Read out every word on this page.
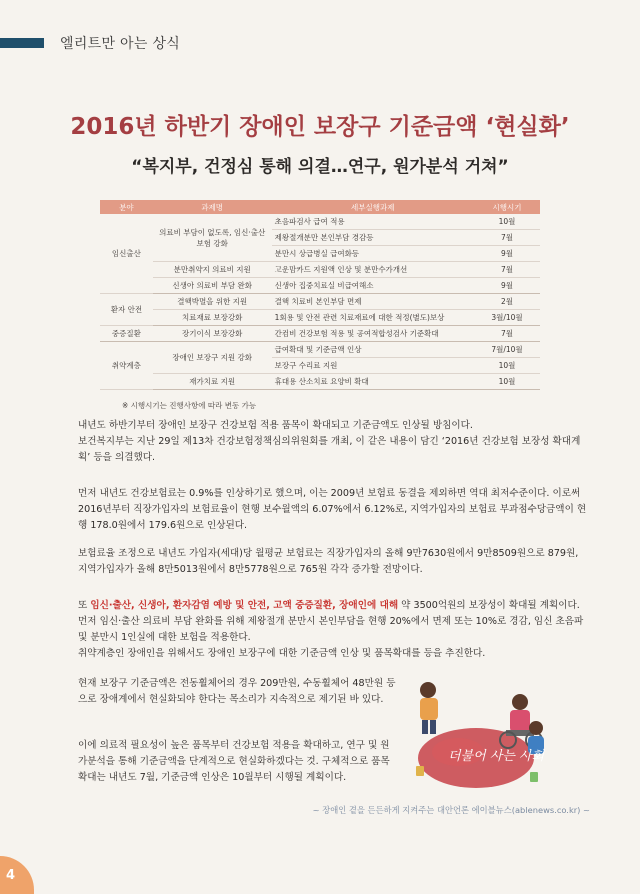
엘리트만 아는 상식
2016년 하반기 장애인 보장구 기준금액 ‘현실화’
“복지부, 건정심 통해 의결…연구, 원가분석 거쳐”
분야	과제명	세부실행과제	시행시기
임신출산	의료비 부담이 없도록, 임신·출산 보험 강화	초음파검사 급여 적용	10월
		제왕절개분만 본인부담 경감등	7월
		분만시 상급병실 급여화등	9월
	분만취약지 의료비 지원	고운맘카드 지원액 인상 및 분만수가개선	7월
	신생아 의료비 부담 완화	신생아 집중치료실 비급여해소	9월
환자 안전	결핵박멸을 위한 지원	결핵 치료비 본인부담 면제	2월
	치료재료 보장강화	1회용 및 안전 관련 치료재료에 대한 적정(별도)보상	3월/10월
중증질환	장기이식 보장강화	간컴비 건강보험 적용 및 공여적합성검사 기준확대	7월
취약계층	장애인 보장구 지원 강화	급여확대 및 기준금액 인상	7월/10월
		보장구 수리료 지원	10월
	재가치료 지원	휴대용 산소치료 요양비 확대	10월
※ 시행시기는 진행사항에 따라 변동 가능

내년도 하반기부터 장애인 보장구 건강보험 적용 품목이 확대되고 기준금액도 인상될 방침이다.

보건복지부는 지난 29일 제13차 건강보험정책심의위원회를 개최, 이 같은 내용이 담긴 ‘2016년 건강보험 보장성 확대계획’ 등을 의결했다.

먼저 내년도 건강보험료는 0.9%를 인상하기로 했으며, 이는 2009년 보험료 동결을 제외하면 역대 최저수준이다. 이로써 2016년부터 직장가입자의 보험료율이 현행 보수월액의 6.07%에서 6.12%로, 지역가입자의 보험료 부과점수당금액이 현행 178.0원에서 179.6원으로 인상된다.

보험료율 조정으로 내년도 가입자(세대)당 월평균 보험료는 직장가입자의 올해 9만7630원에서 9만8509원으로 879원, 지역가입자가 올해 8만5013원에서 8만5778원으로 765원 각각 증가할 전망이다.

또 임신·출산, 신생아, 환자감염 예방 및 안전, 고액 중증질환, 장애인에 대해 약 3500억원의 보장성이 확대될 계획이다. 먼저 임신·출산 의료비 부담 완화를 위해 제왕절개 분만시 본인부담을 현행 20%에서 면제 또는 10%로 경감, 임신 초음파 및 분만시 1인실에 대한 보험을 적용한다.

취약계층인 장애인을 위해서도 장애인 보장구에 대한 기준금액 인상 및 품목확대를 등을 추진한다.

현재 보장구 기준금액은 전동휠체어의 경우 209만원, 수동휠체어 48만원 등으로 장애계에서 현실화되야 한다는 목소리가 지속적으로 제기된 바 있다.

이에 의료적 필요성이 높은 품목부터 건강보험 적용을 확대하고, 연구 및 원가분석을 통해 기준금액을 단계적으로 현실화하겠다는 것. 구체적으로 품목 확대는 내년도 7월, 기준금액 인상은 10월부터 시행될 계획이다.

더불어 사는 사회
~ 장애인 곁을 든든하게 지켜주는 대안언론 에이블뉴스(ablenews.co.kr) ~
4
